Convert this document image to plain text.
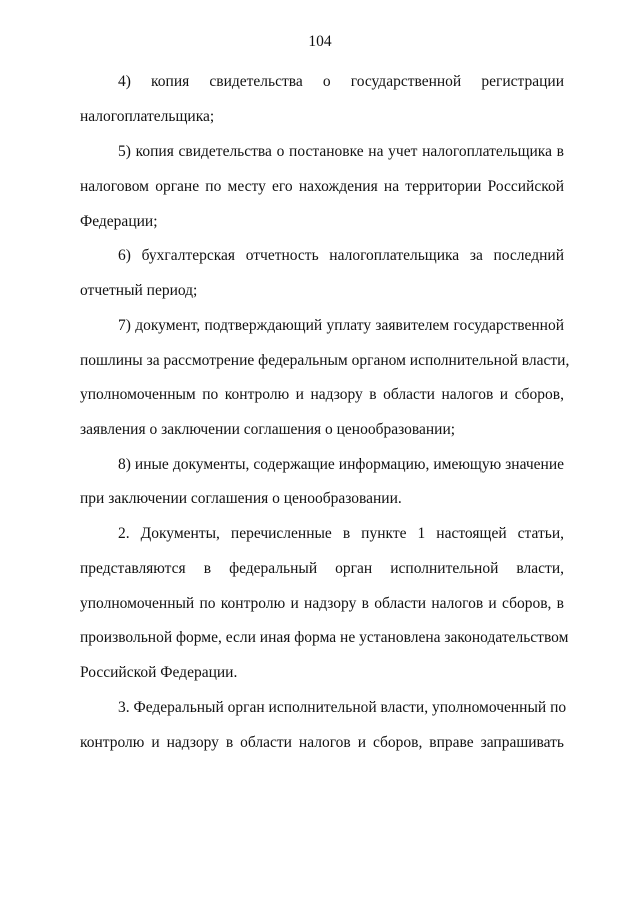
104
4) копия свидетельства о государственной регистрации
налогоплательщика;
5) копия свидетельства о постановке на учет налогоплательщика в
налоговом органе по месту его нахождения на территории Российской
Федерации;
6) бухгалтерская отчетность налогоплательщика за последний
отчетный период;
7) документ, подтверждающий уплату заявителем государственной
пошлины за рассмотрение федеральным органом исполнительной власти,
уполномоченным по контролю и надзору в области налогов и сборов,
заявления о заключении соглашения о ценообразовании;
8) иные документы, содержащие информацию, имеющую значение
при заключении соглашения о ценообразовании.
2. Документы, перечисленные в пункте 1 настоящей статьи,
представляются в федеральный орган исполнительной власти,
уполномоченный по контролю и надзору в области налогов и сборов, в
произвольной форме, если иная форма не установлена законодательством
Российской Федерации.
3. Федеральный орган исполнительной власти, уполномоченный по
контролю и надзору в области налогов и сборов, вправе запрашивать
